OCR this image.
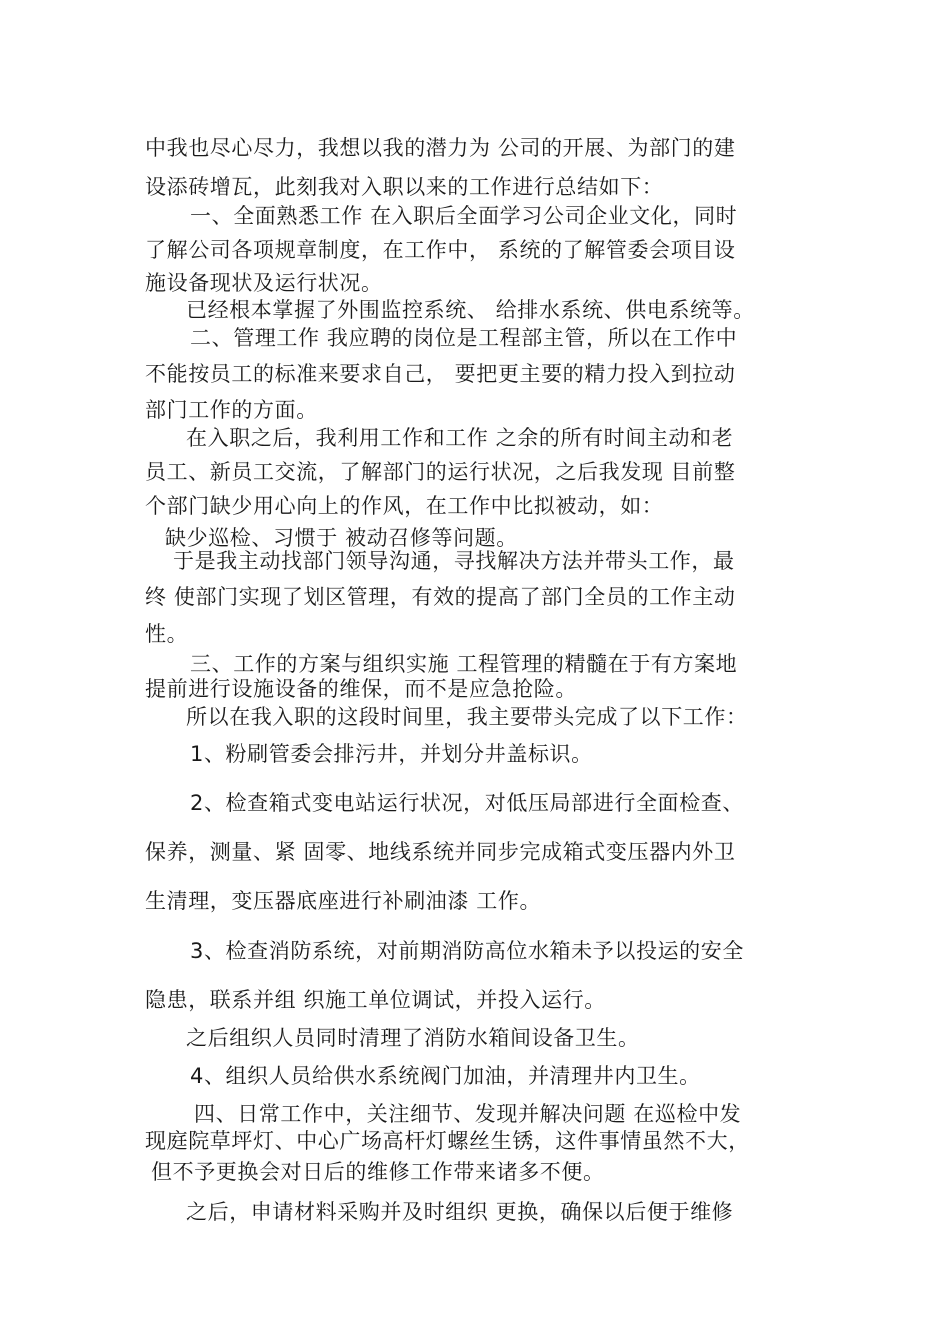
中我也尽心尽力，我想以我的潜力为 公司的开展、为部门的建
设添砖增瓦，此刻我对入职以来的工作进行总结如下：
一、全面熟悉工作 在入职后全面学习公司企业文化，同时
了解公司各项规章制度，在工作中， 系统的了解管委会项目设
施设备现状及运行状况。
已经根本掌握了外围监控系统、 给排水系统、供电系统等。
二、管理工作 我应聘的岗位是工程部主管，所以在工作中
不能按员工的标准来要求自己， 要把更主要的精力投入到拉动
部门工作的方面。
在入职之后，我利用工作和工作 之余的所有时间主动和老
员工、新员工交流，了解部门的运行状况，之后我发现 目前整
个部门缺少用心向上的作风，在工作中比拟被动，如：
缺少巡检、习惯于 被动召修等问题。
于是我主动找部门领导沟通，寻找解决方法并带头工作，最
终 使部门实现了划区管理，有效的提高了部门全员的工作主动
性。
三、工作的方案与组织实施 工程管理的精髓在于有方案地
提前进行设施设备的维保，而不是应急抢险。
所以在我入职的这段时间里，我主要带头完成了以下工作：
1、粉刷管委会排污井，并划分井盖标识。
2、检查箱式变电站运行状况，对低压局部进行全面检查、
保养，测量、紧 固零、地线系统并同步完成箱式变压器内外卫
生清理，变压器底座进行补刷油漆 工作。
3、检查消防系统，对前期消防高位水箱未予以投运的安全
隐患，联系并组 织施工单位调试，并投入运行。
之后组织人员同时清理了消防水箱间设备卫生。
4、组织人员给供水系统阀门加油，并清理井内卫生。
四、日常工作中，关注细节、发现并解决问题 在巡检中发
现庭院草坪灯、中心广场高杆灯螺丝生锈，这件事情虽然不大，
但不予更换会对日后的维修工作带来诸多不便。
之后，申请材料采购并及时组织 更换，确保以后便于维修
